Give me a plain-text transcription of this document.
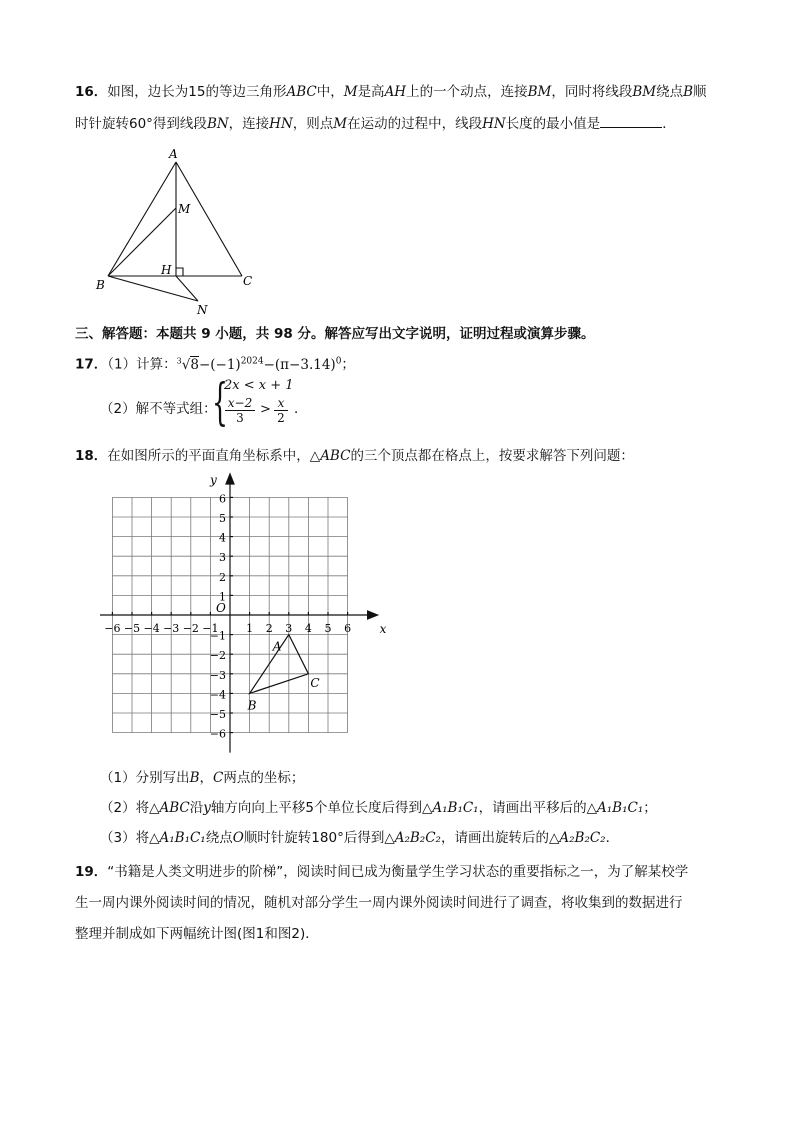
16．如图，边长为15的等边三角形ABC中，M是高AH上的一个动点，连接BM，同时将线段BM绕点B顺
时针旋转60°得到线段BN，连接HN，则点M在运动的过程中，线段HN长度的最小值是	．
A
M
H
B	C
N
三、解答题：本题共 9 小题，共 98 分。解答应写出文字说明，证明过程或演算步骤。
17．（1）计算：$^3√8-(-1)^{2024}-(\pi-3.14)^0$；
（2）解不等式组：
{
2x < x + 1
x−2
3
> x
2
．
18．在如图所示的平面直角坐标系中，△ABC的三个顶点都在格点上，按要求解答下列问题：
−6 −5 −4 −3 −2 −1	1 2 3 4 5 6 x
O
6
5
4
3
2
1
−1
−2
−3
−4
−5
−6
y
A
B
C
（1）分别写出B，C两点的坐标；
（2）将△ABC沿y轴方向向上平移5个单位长度后得到△A₁B₁C₁，请画出平移后的△A₁B₁C₁；
（3）将△A₁B₁C₁绕点O顺时针旋转180°后得到△A₂B₂C₂，请画出旋转后的△A₂B₂C₂．
19．“书籍是人类文明进步的阶梯”，阅读时间已成为衡量学生学习状态的重要指标之一，为了解某校学
生一周内课外阅读时间的情况，随机对部分学生一周内课外阅读时间进行了调查，将收集到的数据进行
整理并制成如下两幅统计图(图1和图2)．
